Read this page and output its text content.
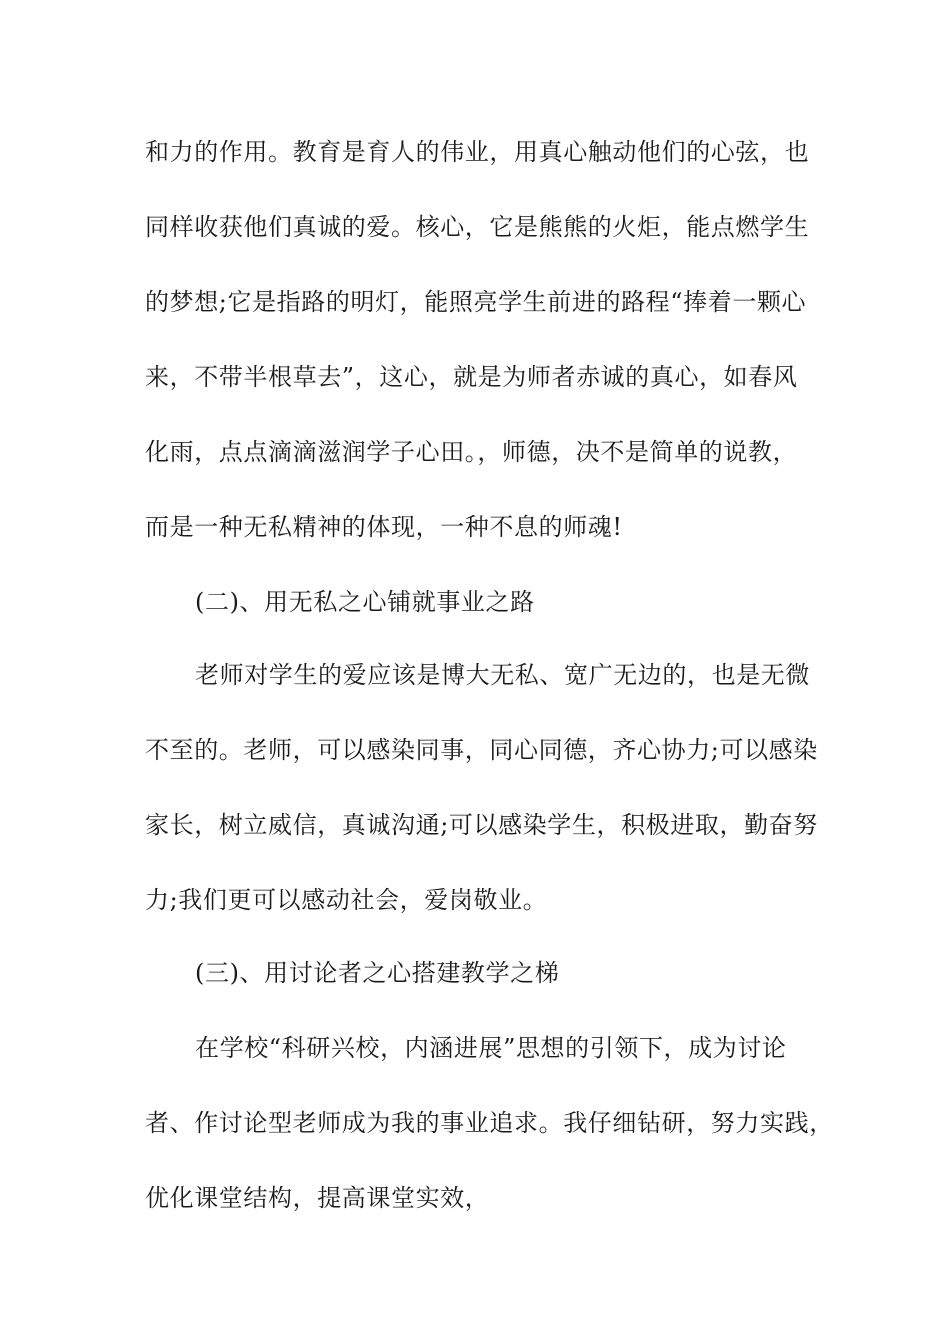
和力的作用。教育是育人的伟业，用真心触动他们的心弦，也
同样收获他们真诚的爱。核心，它是熊熊的火炬，能点燃学生
的梦想;它是指路的明灯，能照亮学生前进的路程“捧着一颗心
来，不带半根草去”，这心，就是为师者赤诚的真心，如春风
化雨，点点滴滴滋润学子心田。，师德，决不是简单的说教，
而是一种无私精神的体现，一种不息的师魂!
(二)、用无私之心铺就事业之路
老师对学生的爱应该是博大无私、宽广无边的，也是无微
不至的。老师，可以感染同事，同心同德，齐心协力;可以感染
家长，树立威信，真诚沟通;可以感染学生，积极进取，勤奋努
力;我们更可以感动社会，爱岗敬业。
(三)、用讨论者之心搭建教学之梯
在学校“科研兴校，内涵进展”思想的引领下，成为讨论
者、作讨论型老师成为我的事业追求。我仔细钻研，努力实践，
优化课堂结构，提高课堂实效，
